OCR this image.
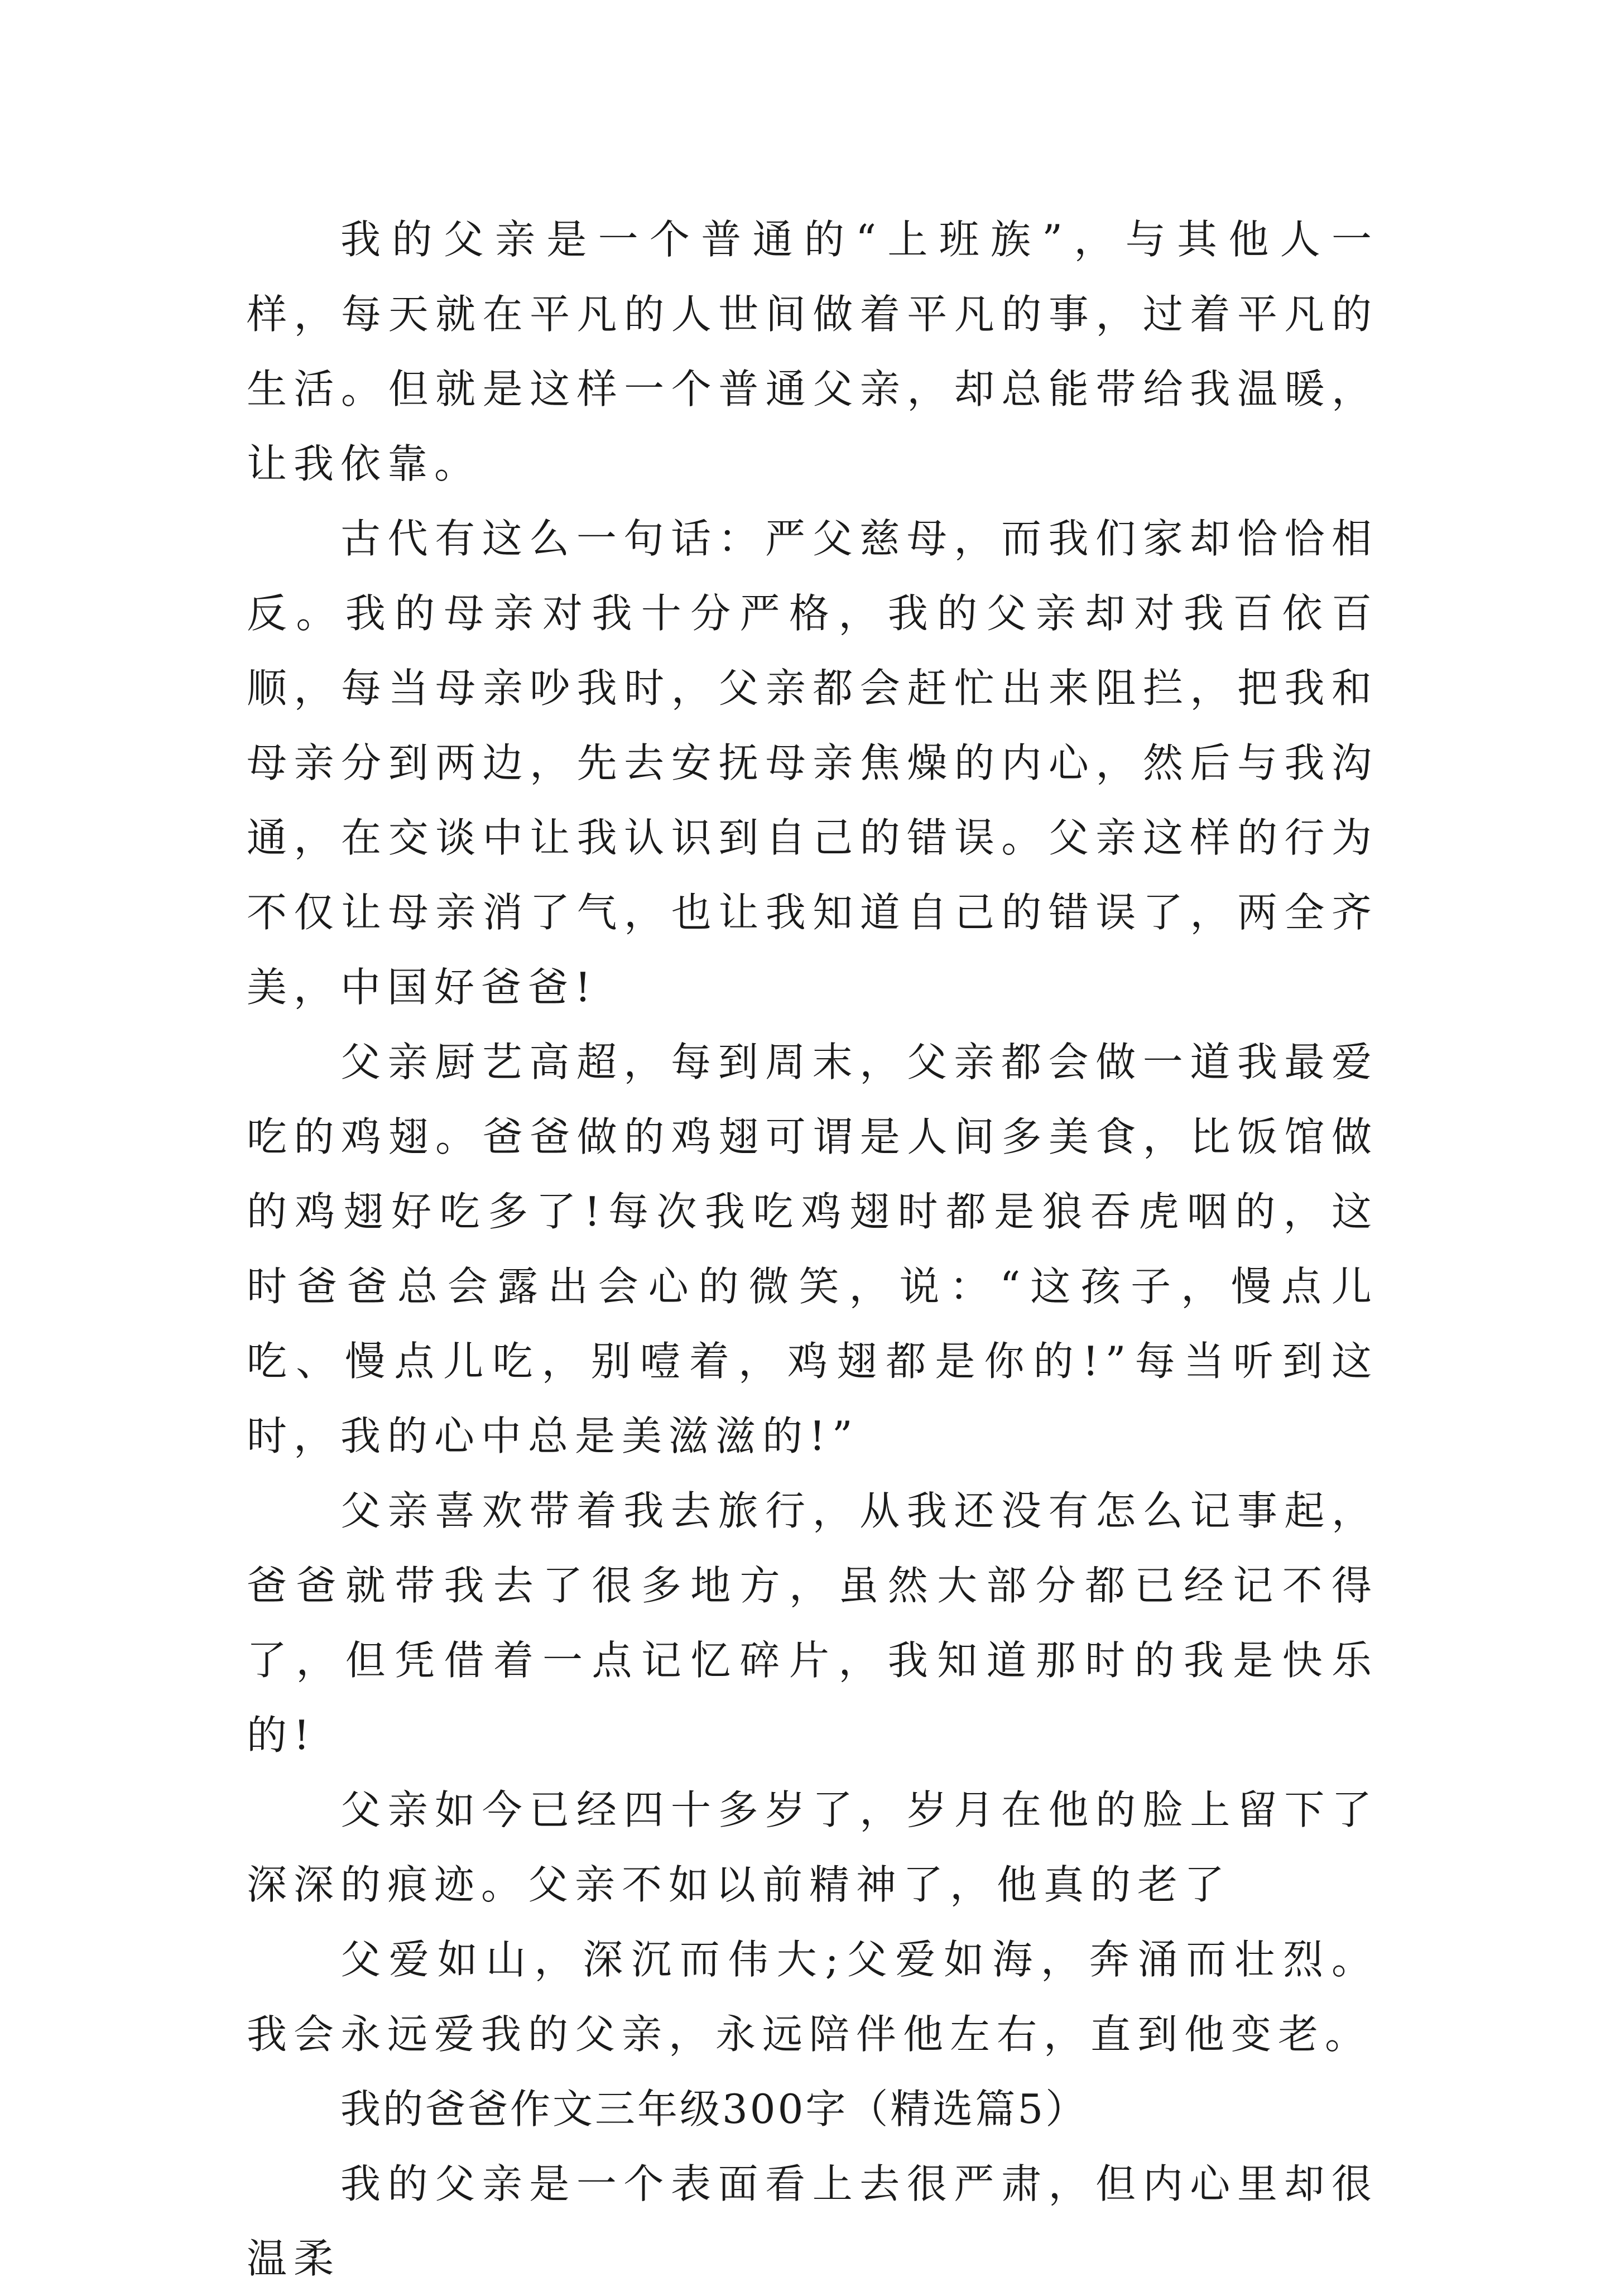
我的父亲是一个普通的“上班族”，与其他人一样，每天就在平凡的人世间做着平凡的事，过着平凡的生活。但就是这样一个普通父亲，却总能带给我温暖，让我依靠。

古代有这么一句话：严父慈母，而我们家却恰恰相反。我的母亲对我十分严格，我的父亲却对我百依百顺，每当母亲吵我时，父亲都会赶忙出来阻拦，把我和母亲分到两边，先去安抚母亲焦燥的内心，然后与我沟通，在交谈中让我认识到自己的错误。父亲这样的行为不仅让母亲消了气，也让我知道自己的错误了，两全齐美，中国好爸爸!

父亲厨艺高超，每到周末，父亲都会做一道我最爱吃的鸡翅。爸爸做的鸡翅可谓是人间多美食，比饭馆做的鸡翅好吃多了!每次我吃鸡翅时都是狼吞虎咽的，这时爸爸总会露出会心的微笑，说：“这孩子，慢点儿吃、慢点儿吃，别噎着，鸡翅都是你的!”每当听到这时，我的心中总是美滋滋的!”

父亲喜欢带着我去旅行，从我还没有怎么记事起，爸爸就带我去了很多地方，虽然大部分都已经记不得了，但凭借着一点记忆碎片，我知道那时的我是快乐的!

父亲如今已经四十多岁了，岁月在他的脸上留下了深深的痕迹。父亲不如以前精神了，他真的老了

父爱如山，深沉而伟大;父爱如海，奔涌而壮烈。我会永远爱我的父亲，永远陪伴他左右，直到他变老。

我的爸爸作文三年级300字（精选篇5）

我的父亲是一个表面看上去很严肃，但内心里却很温柔
